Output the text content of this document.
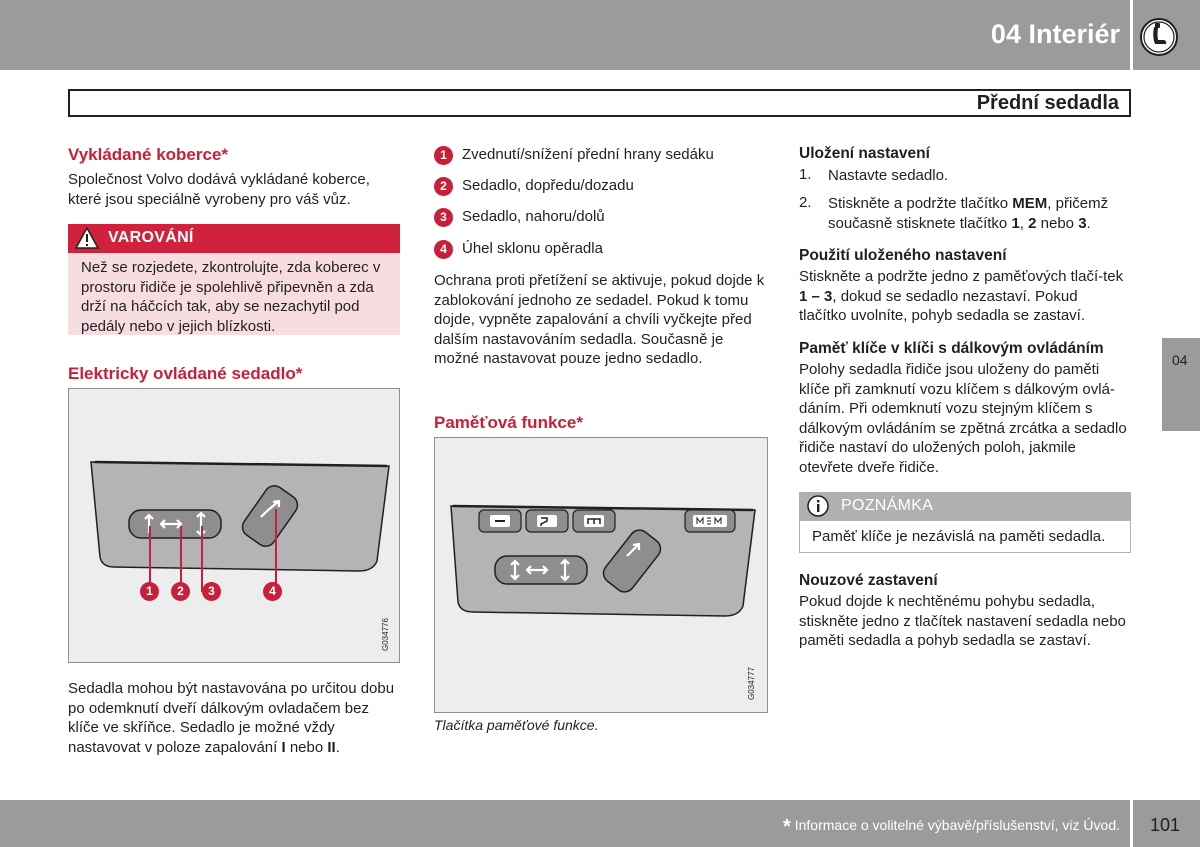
04 Interiér
Přední sedadla
04
Vykládané koberce*
Společnost Volvo dodává vykládané koberce, které jsou speciálně vyrobeny pro váš vůz.
VAROVÁNÍ
Než se rozjedete, zkontrolujte, zda koberec v prostoru řidiče je spolehlivě připevněn a zda drží na háčcích tak, aby se nezachytil pod pedály nebo v jejich blízkosti.
Elektricky ovládané sedadlo*
1	2	3	4
G034776
Sedadla mohou být nastavována po určitou dobu po odemknutí dveří dálkovým ovladačem bez klíče ve skříňce. Sedadlo je možné vždy nastavovat v poloze zapalování I nebo II.
1	Zvednutí/snížení přední hrany sedáku
2	Sedadlo, dopředu/dozadu
3	Sedadlo, nahoru/dolů
4	Úhel sklonu opěradla
Ochrana proti přetížení se aktivuje, pokud dojde k zablokování jednoho ze sedadel. Pokud k tomu dojde, vypněte zapalování a chvíli vyčkejte před dalším nastavováním sedadla. Současně je možné nastavovat pouze jedno sedadlo.
Paměťová funkce*
G034777
Tlačítka paměťové funkce.
Uložení nastavení
1. Nastavte sedadlo.
2. Stiskněte a podržte tlačítko MEM, přičemž současně stisknete tlačítko 1, 2 nebo 3.
Použití uloženého nastavení
Stiskněte a podržte jedno z paměťových tlačí-tek 1 – 3, dokud se sedadlo nezastaví. Pokud tlačítko uvolníte, pohyb sedadla se zastaví.
Paměť klíče v klíči s dálkovým ovládáním
Polohy sedadla řidiče jsou uloženy do paměti klíče při zamknutí vozu klíčem s dálkovým ovlá-dáním. Při odemknutí vozu stejným klíčem s dálkovým ovládáním se zpětná zrcátka a sedadlo řidiče nastaví do uložených poloh, jakmile otevřete dveře řidiče.
POZNÁMKA
Paměť klíče je nezávislá na paměti sedadla.
Nouzové zastavení
Pokud dojde k nechtěnému pohybu sedadla, stiskněte jedno z tlačítek nastavení sedadla nebo paměti sedadla a pohyb sedadla se zastaví.
* Informace o volitelné výbavě/příslušenství, viz Úvod. 101
